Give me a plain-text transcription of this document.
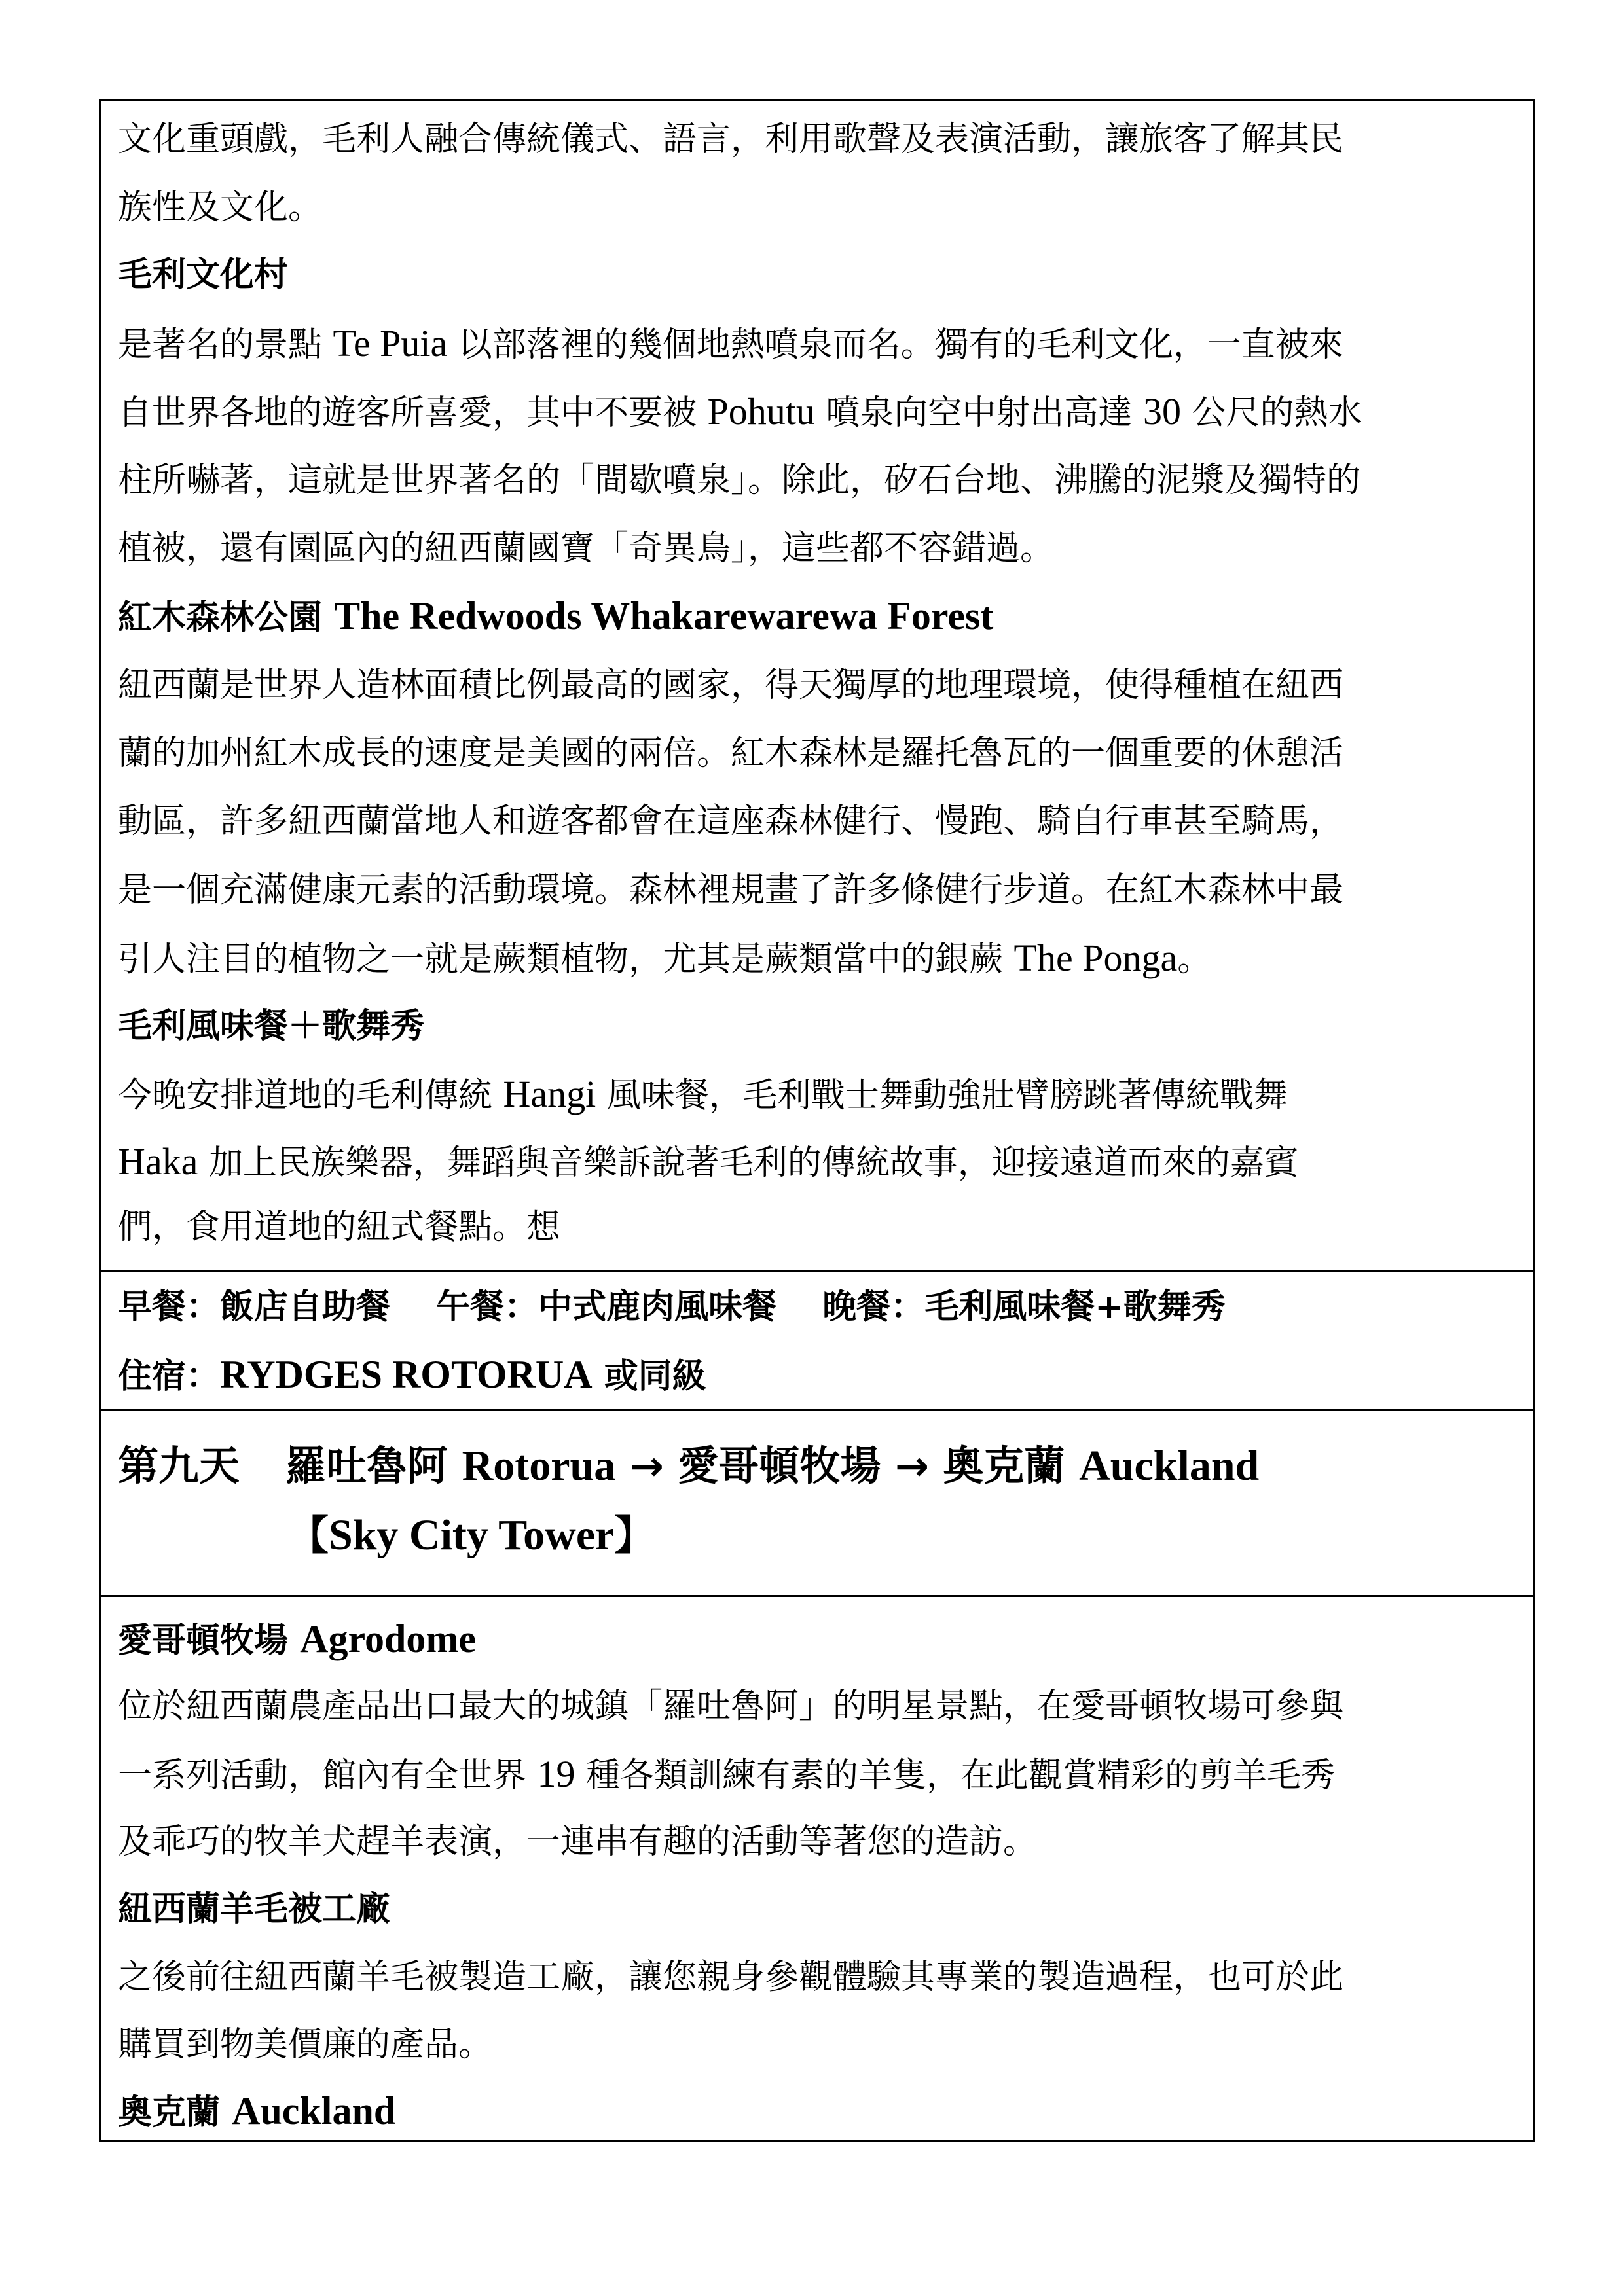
文化重頭戲，毛利人融合傳統儀式、語言，利用歌聲及表演活動，讓旅客了解其民
族性及文化。
毛利文化村
是著名的景點 Te Puia 以部落裡的幾個地熱噴泉而名。獨有的毛利文化，一直被來
自世界各地的遊客所喜愛，其中不要被 Pohutu 噴泉向空中射出高達 30 公尺的熱水
柱所嚇著，這就是世界著名的「間歇噴泉」。除此，矽石台地、沸騰的泥漿及獨特的
植被，還有園區內的紐西蘭國寶「奇異鳥」，這些都不容錯過。
紅木森林公園 The Redwoods Whakarewarewa Forest
紐西蘭是世界人造林面積比例最高的國家，得天獨厚的地理環境，使得種植在紐西
蘭的加州紅木成長的速度是美國的兩倍。紅木森林是羅托魯瓦的一個重要的休憩活
動區，許多紐西蘭當地人和遊客都會在這座森林健行、慢跑、騎自行車甚至騎馬，
是一個充滿健康元素的活動環境。森林裡規畫了許多條健行步道。在紅木森林中最
引人注目的植物之一就是蕨類植物，尤其是蕨類當中的銀蕨 The Ponga。
毛利風味餐＋歌舞秀
今晚安排道地的毛利傳統 Hangi 風味餐，毛利戰士舞動強壯臂膀跳著傳統戰舞
Haka 加上民族樂器，舞蹈與音樂訴說著毛利的傳統故事，迎接遠道而來的嘉賓
們，食用道地的紐式餐點。想
早餐：飯店自助餐　 午餐：中式鹿肉風味餐　 晚餐：毛利風味餐+歌舞秀
住宿：RYDGES ROTORUA 或同級
第九天 羅吐魯阿 Rotorua → 愛哥頓牧場 → 奧克蘭 Auckland
【Sky City Tower】
愛哥頓牧場 Agrodome
位於紐西蘭農產品出口最大的城鎮「羅吐魯阿」的明星景點，在愛哥頓牧場可參與
一系列活動，館內有全世界 19 種各類訓練有素的羊隻，在此觀賞精彩的剪羊毛秀
及乖巧的牧羊犬趕羊表演，一連串有趣的活動等著您的造訪。
紐西蘭羊毛被工廠
之後前往紐西蘭羊毛被製造工廠，讓您親身參觀體驗其專業的製造過程，也可於此
購買到物美價廉的產品。
奧克蘭 Auckland
